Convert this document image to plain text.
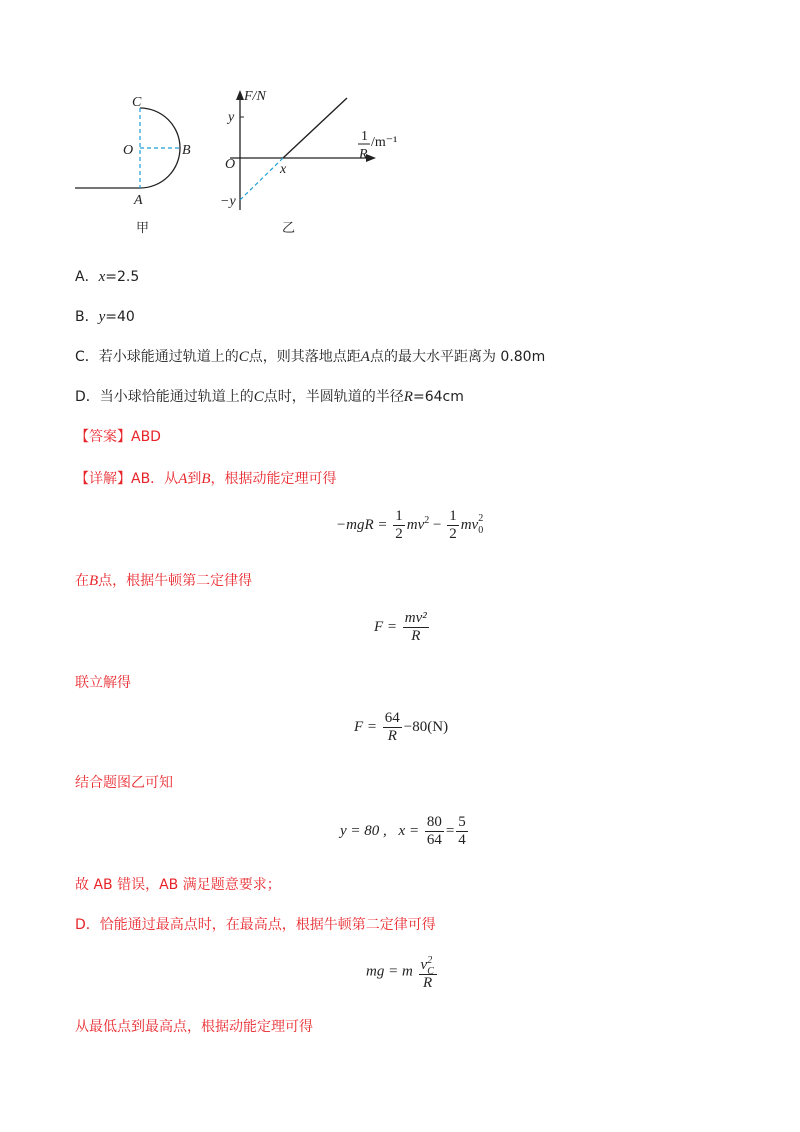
C
O	B
A
甲
F/N
1
R
/m⁻¹
O
y
−y
x
乙
A．x=2.5
B．y=40
C．若小球能通过轨道上的C点，则其落地点距A点的最大水平距离为 0.80m
D．当小球恰能通过轨道上的C点时，半圆轨道的半径R=64cm
【答案】ABD
【详解】AB．从A到B，根据动能定理可得
$-mgR = \frac{1}{2} mv^2 - \frac{1}{2}$ mv $^{2 0}$
在B点，根据牛顿第二定律得
$F = \frac{\text{mv²}}{R}$
联立解得
$F = \frac{64}{R} -80(N)$
结合题图乙可知
y = 80 , $x = \frac{80}{64} = \frac{5}{4}$
故 AB 错误，AB 满足题意要求；
D．恰能通过最高点时，在最高点，根据牛顿第二定律可得
mg = m v $^{2 C}$

R
从最低点到最高点，根据动能定理可得
